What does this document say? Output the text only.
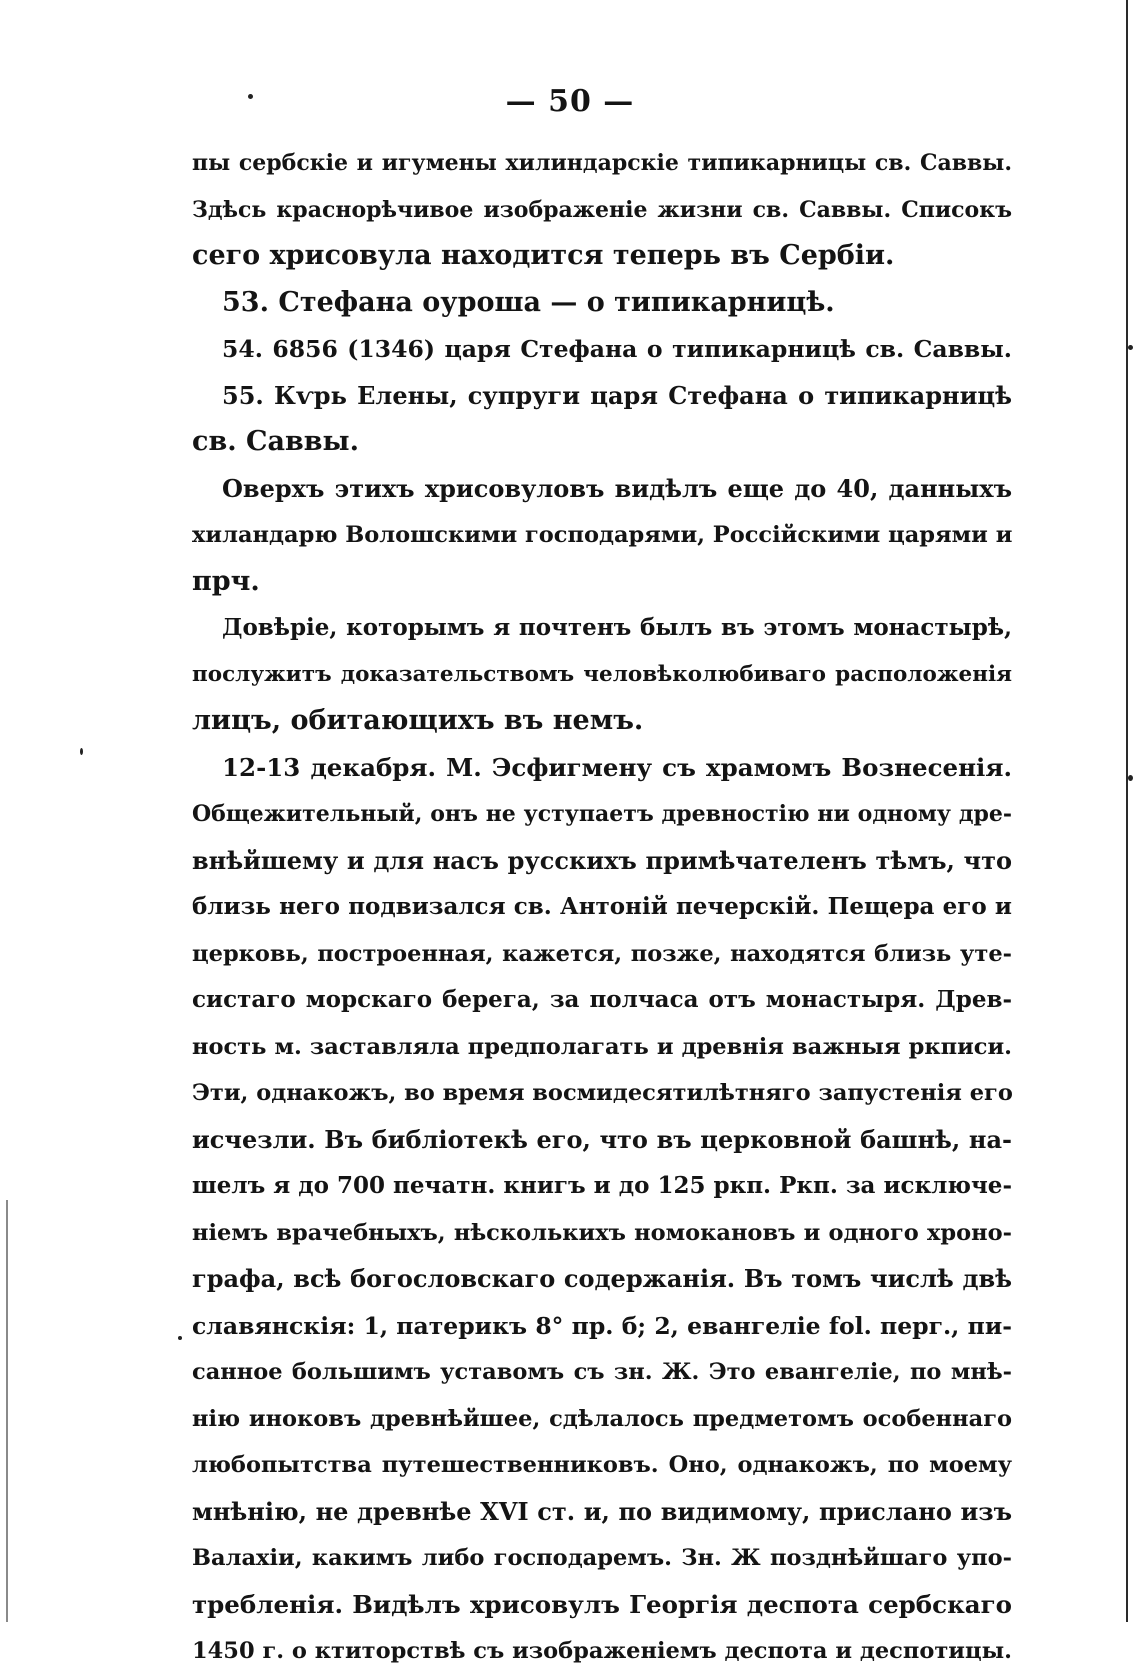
— 50 —
пы сербскіе и игумены хилиндарскіе типикарницы св. Саввы.
Здѣсь краснорѣчивое изображеніе жизни св. Саввы. Списокъ
сего хрисовула находится теперь въ Сербіи.
53. Стефана оуроша — о типикарницѣ.
54. 6856 (1346) царя Стефана о типикарницѣ св. Саввы.
55. Кѵрь Елены, супруги царя Стефана о типикарницѣ
св. Саввы.
Оверхъ этихъ хрисовуловъ видѣлъ еще до 40, данныхъ
хиландарю Волошскими господарями, Россійскими царями и
прч.
Довѣріе, которымъ я почтенъ былъ въ этомъ монастырѣ,
послужитъ доказательствомъ человѣколюбиваго расположенія
лицъ, обитающихъ въ немъ.
12-13 декабря. М. Эсфигмену съ храмомъ Вознесенія.
Общежительный, онъ не уступаетъ древностію ни одному дре-
внѣйшему и для насъ русскихъ примѣчателенъ тѣмъ, что
близь него подвизался св. Антоній печерскій. Пещера его и
церковь, построенная, кажется, позже, находятся близь уте-
систаго морскаго берега, за полчаса отъ монастыря. Древ-
ность м. заставляла предполагать и древнія важныя ркписи.
Эти, однакожъ, во время восмидесятилѣтняго запустенія его
исчезли. Въ библіотекѣ его, что въ церковной башнѣ, на-
шелъ я до 700 печатн. книгъ и до 125 ркп. Ркп. за исключе-
ніемъ врачебныхъ, нѣсколькихъ номокановъ и одного хроно-
графа, всѣ богословскаго содержанія. Въ томъ числѣ двѣ
славянскія: 1, патерикъ 8° пр. б; 2, евангеліе fol. перг., пи-
санное большимъ уставомъ съ зн. Ж. Это евангеліе, по мнѣ-
нію иноковъ древнѣйшее, сдѣлалось предметомъ особеннаго
любопытства путешественниковъ. Оно, однакожъ, по моему
мнѣнію, не древнѣе XVI ст. и, по видимому, прислано изъ
Валахіи, какимъ либо господаремъ. Зн. Ж позднѣйшаго упо-
требленія. Видѣлъ хрисовулъ Георгія деспота сербскаго
1450 г. о ктиторствѣ съ изображеніемъ деспота и деспотицы.
